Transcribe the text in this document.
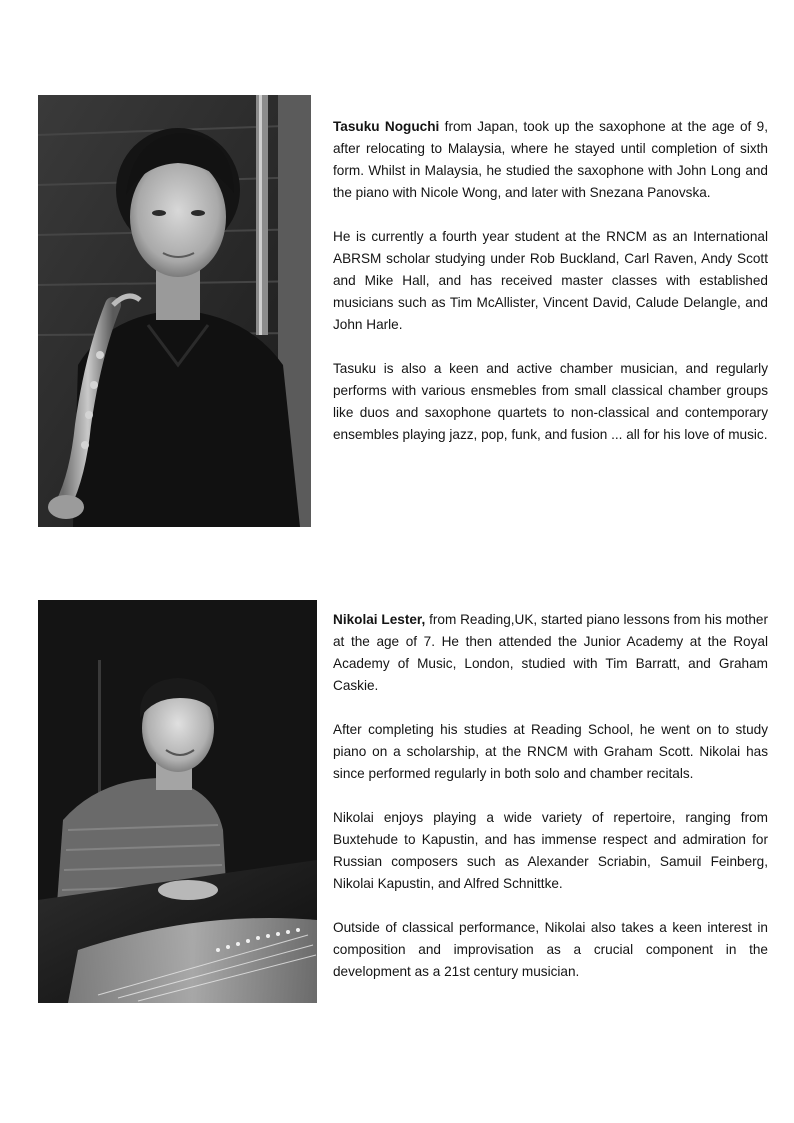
Tasuku Noguchi from Japan, took up the saxophone at the age of 9, after relocating to Malaysia, where he stayed until completion of sixth form. Whilst in Malaysia, he studied the saxophone with John Long and the piano with Nicole Wong, and later with Snezana Panovska.

He is currently a fourth year student at the RNCM as an International ABRSM scholar studying under Rob Buckland, Carl Raven, Andy Scott and Mike Hall, and has received master classes with established musicians such as Tim McAllister, Vincent David, Calude Delangle, and John Harle.

Tasuku is also a keen and active chamber musician, and regularly performs with various ensmebles from small classical chamber groups like duos and saxophone quartets to non-classical and contemporary ensembles playing jazz, pop, funk, and fusion ... all for his love of music.

Nikolai Lester, from Reading,UK, started piano lessons from his mother at the age of 7. He then attended the Junior Academy at the Royal Academy of Music, London, studied with Tim Barratt, and Graham Caskie.

After completing his studies at Reading School, he went on to study piano on a scholarship, at the RNCM with Graham Scott. Nikolai has since performed regularly in both solo and chamber recitals.

Nikolai enjoys playing a wide variety of repertoire, ranging from Buxtehude to Kapustin, and has immense respect and admiration for Russian composers such as Alexander Scriabin, Samuil Feinberg, Nikolai Kapustin, and Alfred Schnittke.

Outside of classical performance, Nikolai also takes a keen interest in composition and improvisation as a crucial component in the development as a 21st century musician.
